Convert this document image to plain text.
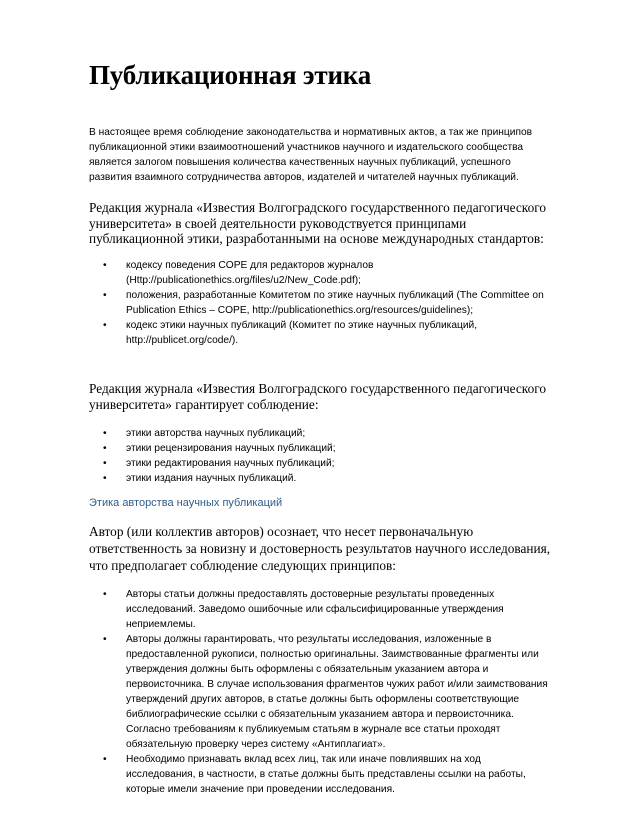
Публикационная этика

В настоящее время соблюдение законодательства и нормативных актов, а так же принципов публикационной этики взаимоотношений участников научного и издательского сообщества является залогом повышения количества качественных научных публикаций, успешного развития взаимного сотрудничества авторов, издателей и читателей научных публикаций.

Редакция журнала «Известия Волгоградского государственного педагогического университета» в своей деятельности руководствуется принципами публикационной этики, разработанными на основе международных стандартов:

• кодексу поведения COPE для редакторов журналов (Http://publicationethics.org/files/u2/New_Code.pdf);
• положения, разработанные Комитетом по этике научных публикаций (The Committee on Publication Ethics – COPE, http://publicationethics.org/resources/guidelines);
• кодекс этики научных публикаций (Комитет по этике научных публикаций, http://publicet.org/code/).

Редакция журнала «Известия Волгоградского государственного педагогического университета» гарантирует соблюдение:

• этики авторства научных публикаций;
• этики рецензирования научных публикаций;
• этики редактирования научных публикаций;
• этики издания научных публикаций.
Этика авторства научных публикаций

Автор (или коллектив авторов) осознает, что несет первоначальную ответственность за новизну и достоверность результатов научного исследования, что предполагает соблюдение следующих принципов:

• Авторы статьи должны предоставлять достоверные результаты проведенных исследований. Заведомо ошибочные или сфальсифицированные утверждения неприемлемы.
• Авторы должны гарантировать, что результаты исследования, изложенные в предоставленной рукописи, полностью оригинальны. Заимствованные фрагменты или утверждения должны быть оформлены с обязательным указанием автора и первоисточника. В случае использования фрагментов чужих работ и/или заимствования утверждений других авторов, в статье должны быть оформлены соответствующие библиографические ссылки с обязательным указанием автора и первоисточника. Согласно требованиям к публикуемым статьям в журнале все статьи проходят обязательную проверку через систему «Антиплагиат».
• Необходимо признавать вклад всех лиц, так или иначе повлиявших на ход исследования, в частности, в статье должны быть представлены ссылки на работы, которые имели значение при проведении исследования.
